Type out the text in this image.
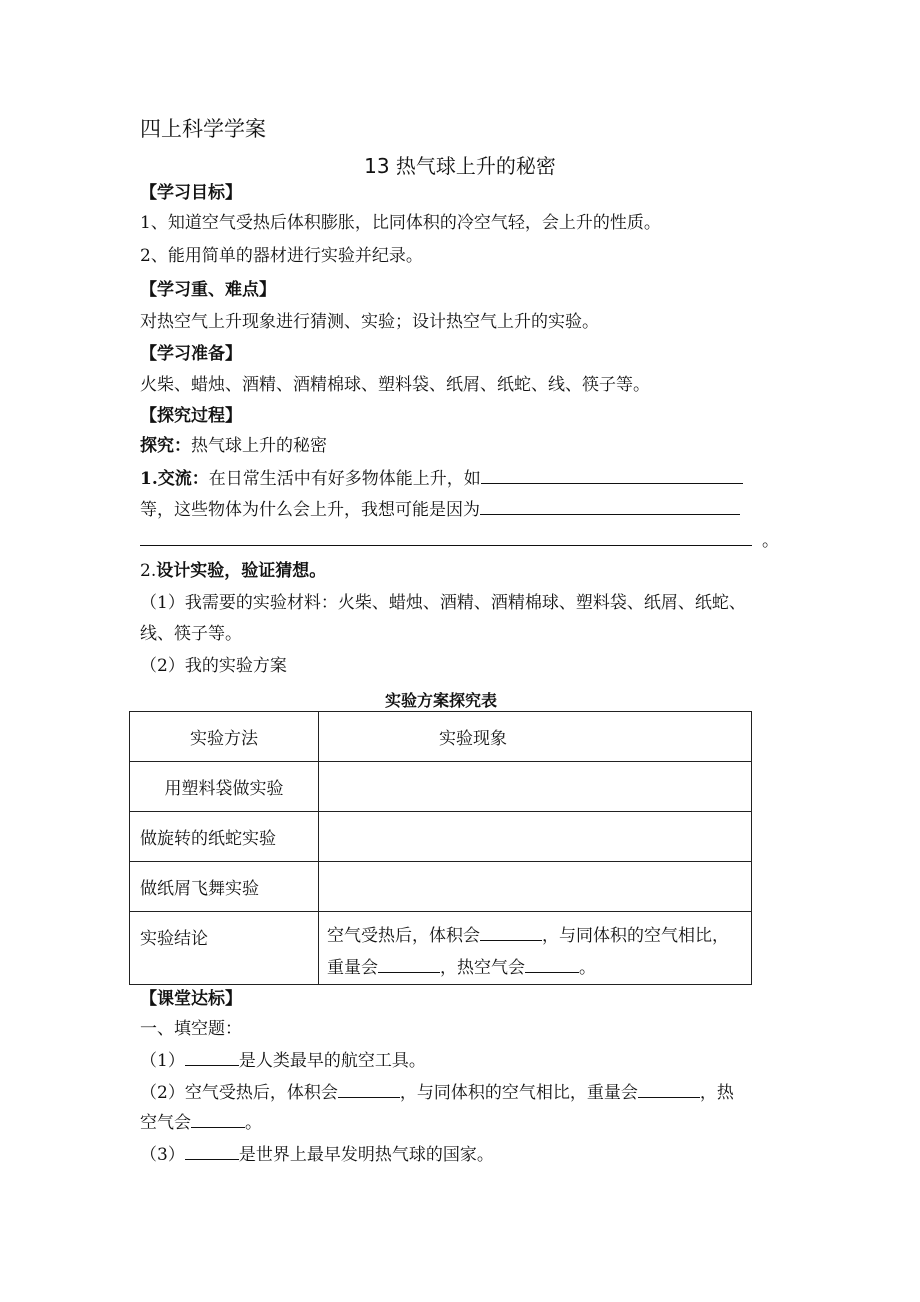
四上科学学案
13 热气球上升的秘密
【学习目标】
1、知道空气受热后体积膨胀，比同体积的冷空气轻，会上升的性质。
2、能用简单的器材进行实验并纪录。
【学习重、难点】
对热空气上升现象进行猜测、实验；设计热空气上升的实验。
【学习准备】
火柴、蜡烛、酒精、酒精棉球、塑料袋、纸屑、纸蛇、线、筷子等。
【探究过程】
探究：热气球上升的秘密
1.交流：在日常生活中有好多物体能上升，如
等，这些物体为什么会上升，我想可能是因为
。
2.设计实验，验证猜想。
（1）我需要的实验材料：火柴、蜡烛、酒精、酒精棉球、塑料袋、纸屑、纸蛇、
线、筷子等。
（2）我的实验方案
实验方案探究表
实验方法	实验现象
用塑料袋做实验	
做旋转的纸蛇实验	
做纸屑飞舞实验	
实验结论	空气受热后，体积会 ，与同体积的空气相比，
重量会 ，热空气会 。
【课堂达标】
一、填空题：
（1）	是人类最早的航空工具。
（2）空气受热后，体积会	，与同体积的空气相比，重量会	，热
空气会	。
（3）	是世界上最早发明热气球的国家。
